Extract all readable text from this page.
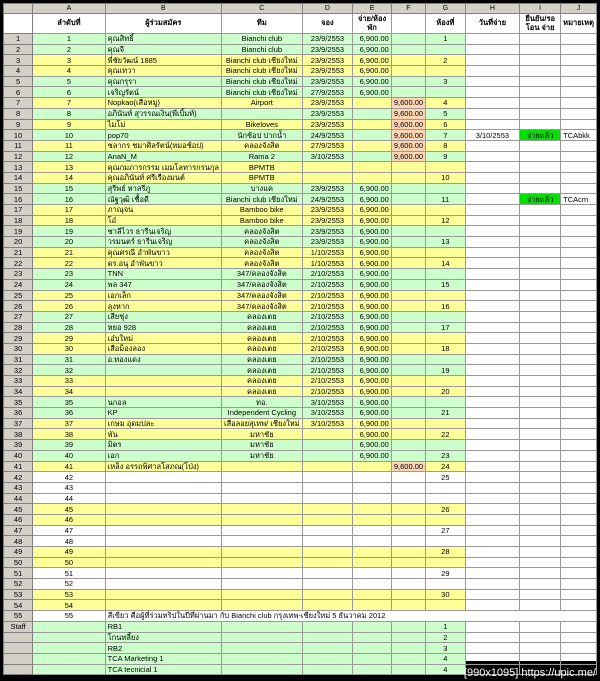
	A	B	C	D	E	F	G	H	I	J
	ลำดับที่	ผู้ร่วมสมัคร	ทีม	จอง	จ่าย/ห้องพัก		ห้องที่	วันที่จ่าย	ยืนยัน/รอโอน จ่าย	หมายเหตุ
1	1	คุณสิทธิ์	Bianchi club	23/9/2553	6,900.00		1			
2	2	คุณจี	Bianchi club	23/9/2553	6,900.00					
3	3	พี่ชัยวัฒน์ 1885	Bianchi club เชียงใหม่	23/9/2553	6,900.00		2			
4	4	คุณเทวา	Bianchi club เชียงใหม่	23/9/2553	6,900.00					
5	5	คุณกรุรา	Bianchi club เชียงใหม่	23/9/2553	6,900.00		3			
6	6	เจริญรัตน์	Bianchi club เชียงใหม่	27/9/2553	6,900.00					
7	7	Nopkao(เสือหมู)	Airport	23/9/2553		9,600.00	4			
8	8	อภินันท์ สุวรรณเงิน(พี่เบิ้มท์)		23/9/2553		9,600.00	5			
9	9	ไมโม่	Bikeloves	23/9/2553		9,600.00	6			
10	10	pop70	นักช้อป ปากน้ำ	24/9/2553		9,600.00	7	3/10/2553	จ่ายแล้ว	TCAbkk
11	11	ชลากร ชมาศิลรัตน์(หมอช้อป)	คลองจังสิต	27/9/2553		9,600.00	8			
12	12	AnaN_M	Rama 2	3/10/2553		9,600.00	9			
13	13	คุณกมภารกรรม เมมโลทารกรนกุล	BPMTB							
14	14	คุณอภินันท์ ศรีเรืองมนต์	BPMTB				10			
15	15	สุรีพย์ หาสรีภู	บางแค	23/9/2553	6,900.00					
16	16	ณัฐวุฒิ เชื้อดี	Bianchi club เชียงใหม่	24/9/2553	6,900.00		11		จ่ายแล้ว	TCAcm
17	17	ภาณุจน	Bamboo bike	23/9/2553	6,900.00					
18	18	โอ๋	Bamboo bike	23/9/2553	6,900.00		12			
19	19	ชาลีไวร ธารีนเจริญ	คลองจังสิต	23/9/2553	6,900.00					
20	20	วรมนตร์ ธารีนเจริญ	คลองจังสิต	23/9/2553	6,900.00		13			
21	21	คุณศรณี อำพันขาว	คลองจังสิต	1/10/2553	6,900.00					
22	22	ดร.อนุ อำพันขาว	คลองจังสิต	1/10/2553	6,900.00		14			
23	23	TNN	347/คลองจังสิต	2/10/2553	6,900.00					
24	24	พล 347	347/คลองจังสิต	2/10/2553	6,900.00		15			
25	25	เอกเล็ก	347/คลองจังสิต	2/10/2553	6,900.00					
26	26	ลุงหาก	347/คลองจังสิต	2/10/2553	6,900.00		16			
27	27	เสียชุ่ง	คลองเตย	2/10/2553	6,900.00					
28	28	หยอ 928	คลองเตย	2/10/2553	6,900.00		17			
29	29	เอ๋บใหม่	คลองเตย	2/10/2553	6,900.00					
30	30	เสือม็องลอง	คลองเตย	2/10/2553	6,900.00		18			
31	31	อ.ทองแดง	คลองเตย	2/10/2553	6,900.00					
32	32		คลองเตย	2/10/2553	6,900.00		19			
33	33		คลองเตย	2/10/2553	6,900.00					
34	34		คลองเตย	2/10/2553	6,900.00		20			
35	35	นกอล	ทอ.	3/10/2553	6,900.00					
36	36	KP	Independent Cycling	3/10/2553	6,900.00		21			
37	37	เกษม อุดมปละ	เสือลอยสุเทพ/ เชียงใหม่	3/10/2553	6,900.00					
38	38	พัน	มหาชัย		6,900.00		22			
39	39	มิตร	มหาชัย		6,900.00					
40	40	เอก	มหาชัย		6,900.00		23			
41	41	เหล็ง อรรถพิศาลโสภณ(โป่ง)				9,600.00	24			
42	42						25			
43	43									
44	44									
45	45						26			
46	46									
47	47						27			
48	48									
49	49						28			
50	50									
51	51						29			
52	52									
53	53						30			
54	54									
55	55	สีเขียว คือผู้ที่ร่วมทริปในปีที่ผ่านมา กับ Bianchi club กรุงเทพ-เชียงใหม่ 5 ธันวาคม 2012								
Staff		RB1					1			
		โกนหลี้ยง					2			
		RB2					3			
		TCA Marketing 1					4			
		TCA tecnicial 1					4				[990x1095] https://upic.me/
